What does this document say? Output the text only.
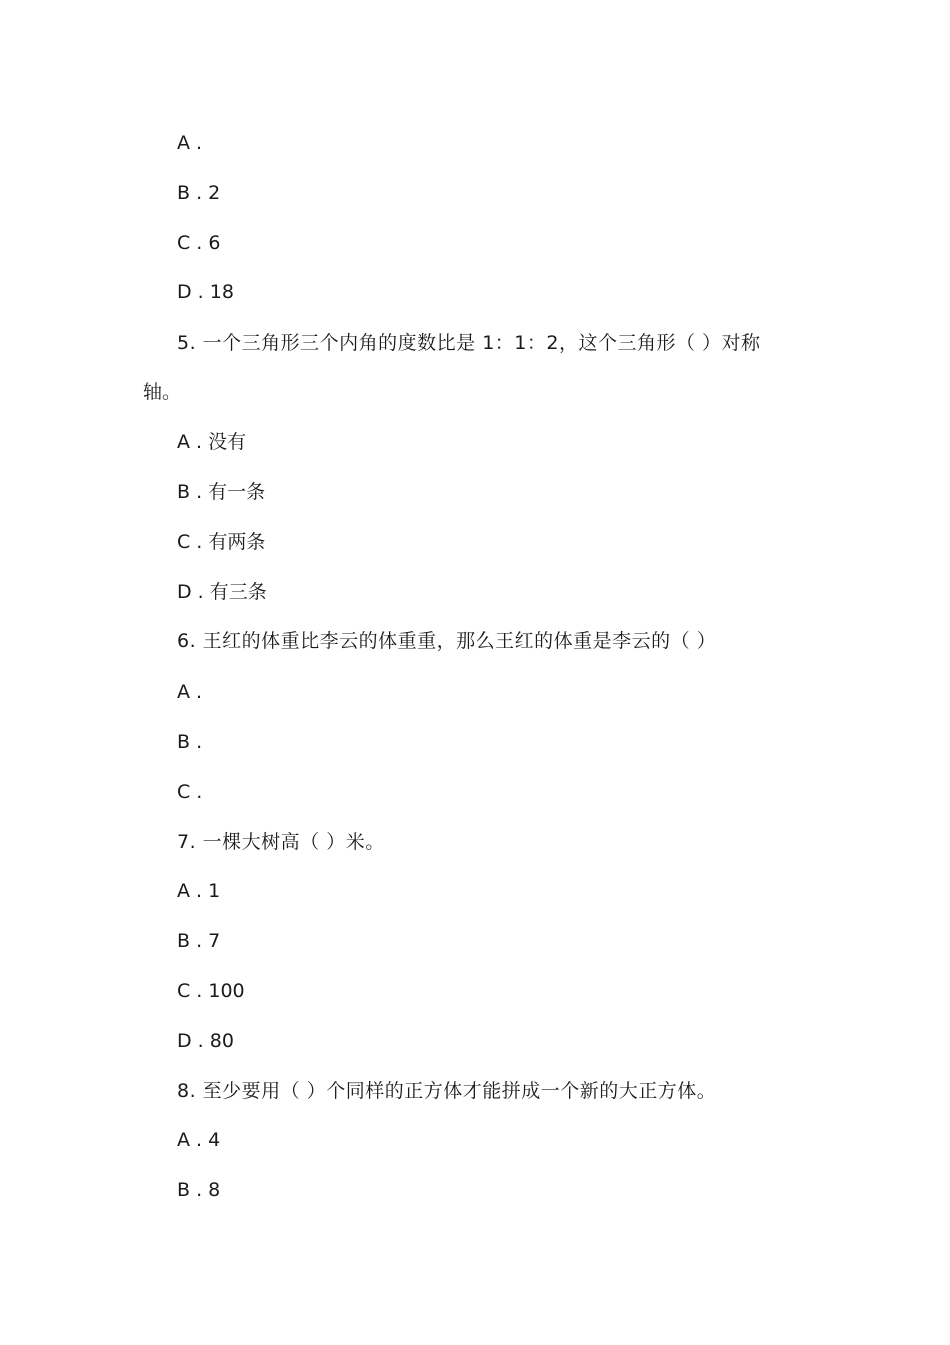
A .
B . 2
C . 6
D . 18
5. 一个三角形三个内角的度数比是 1：1：2，这个三角形（ ）对称
轴。
A . 没有
B . 有一条
C . 有两条
D . 有三条
6. 王红的体重比李云的体重重，那么王红的体重是李云的（ ）
A .
B .
C .
7. 一棵大树高（ ）米。
A . 1
B . 7
C . 100
D . 80
8. 至少要用（ ）个同样的正方体才能拼成一个新的大正方体。
A . 4
B . 8
